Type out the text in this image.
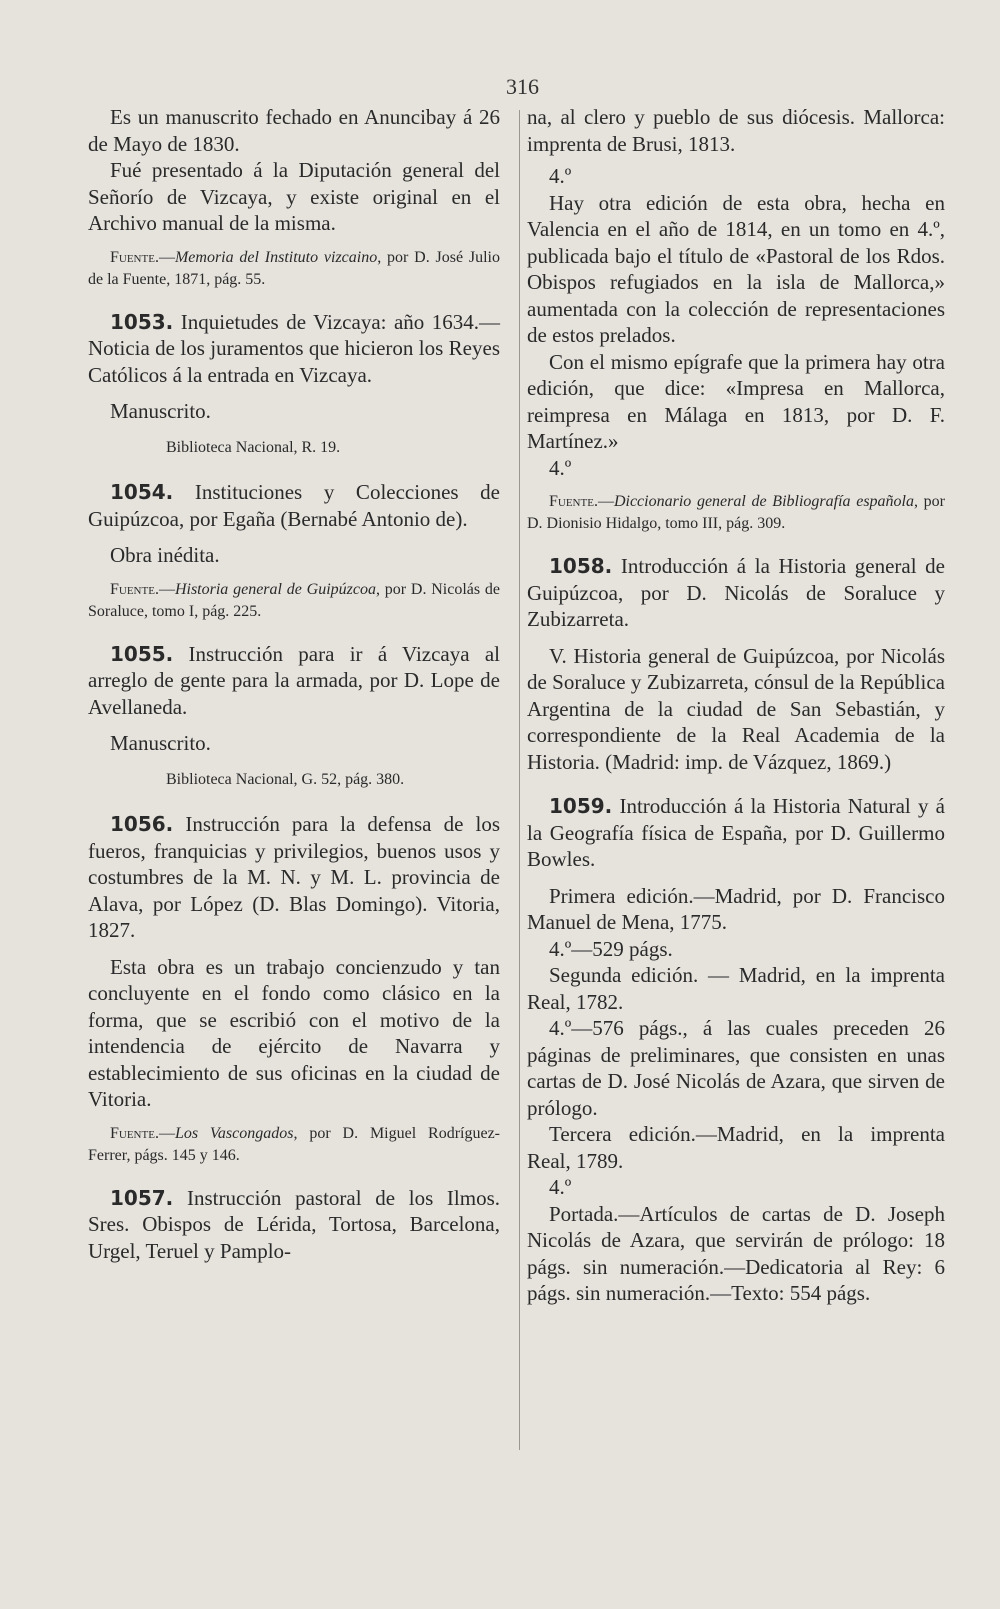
316

Es un manuscrito fechado en Anuncibay á 26 de Mayo de 1830.

Fué presentado á la Diputación general del Señorío de Vizcaya, y existe original en el Archivo manual de la misma.

Fuente.—Memoria del Instituto vizcaino, por D. José Julio de la Fuente, 1871, pág. 55.

1053. Inquietudes de Vizcaya: año 1634.—Noticia de los juramentos que hicieron los Reyes Católicos á la entrada en Vizcaya.

Manuscrito.

Biblioteca Nacional, R. 19.

1054. Instituciones y Colecciones de Guipúzcoa, por Egaña (Bernabé Antonio de).

Obra inédita.

Fuente.—Historia general de Guipúzcoa, por D. Nicolás de Soraluce, tomo I, pág. 225.

1055. Instrucción para ir á Vizcaya al arreglo de gente para la armada, por D. Lope de Avellaneda.

Manuscrito.

Biblioteca Nacional, G. 52, pág. 380.

1056. Instrucción para la defensa de los fueros, franquicias y privilegios, buenos usos y costumbres de la M. N. y M. L. provincia de Alava, por López (D. Blas Domingo). Vitoria, 1827.

Esta obra es un trabajo concienzudo y tan concluyente en el fondo como clásico en la forma, que se escribió con el motivo de la intendencia de ejército de Navarra y establecimiento de sus oficinas en la ciudad de Vitoria.

Fuente.—Los Vascongados, por D. Miguel Rodríguez-Ferrer, págs. 145 y 146.

1057. Instrucción pastoral de los Ilmos. Sres. Obispos de Lérida, Tortosa, Barcelona, Urgel, Teruel y Pamplo-

na, al clero y pueblo de sus diócesis. Mallorca: imprenta de Brusi, 1813.

4.º

Hay otra edición de esta obra, hecha en Valencia en el año de 1814, en un tomo en 4.º, publicada bajo el título de «Pastoral de los Rdos. Obispos refugiados en la isla de Mallorca,» aumentada con la colección de representaciones de estos prelados.

Con el mismo epígrafe que la primera hay otra edición, que dice: «Impresa en Mallorca, reimpresa en Málaga en 1813, por D. F. Martínez.»

4.º

Fuente.—Diccionario general de Bibliografía española, por D. Dionisio Hidalgo, tomo III, pág. 309.

1058. Introducción á la Historia general de Guipúzcoa, por D. Nicolás de Soraluce y Zubizarreta.

V. Historia general de Guipúzcoa, por Nicolás de Soraluce y Zubizarreta, cónsul de la República Argentina de la ciudad de San Sebastián, y correspondiente de la Real Academia de la Historia. (Madrid: imp. de Vázquez, 1869.)

1059. Introducción á la Historia Natural y á la Geografía física de España, por D. Guillermo Bowles.

Primera edición.—Madrid, por D. Francisco Manuel de Mena, 1775.

4.º—529 págs.

Segunda edición. — Madrid, en la imprenta Real, 1782.

4.º—576 págs., á las cuales preceden 26 páginas de preliminares, que consisten en unas cartas de D. José Nicolás de Azara, que sirven de prólogo.

Tercera edición.—Madrid, en la imprenta Real, 1789.

4.º

Portada.—Artículos de cartas de D. Joseph Nicolás de Azara, que servirán de prólogo: 18 págs. sin numeración.—Dedicatoria al Rey: 6 págs. sin numeración.—Texto: 554 págs.
